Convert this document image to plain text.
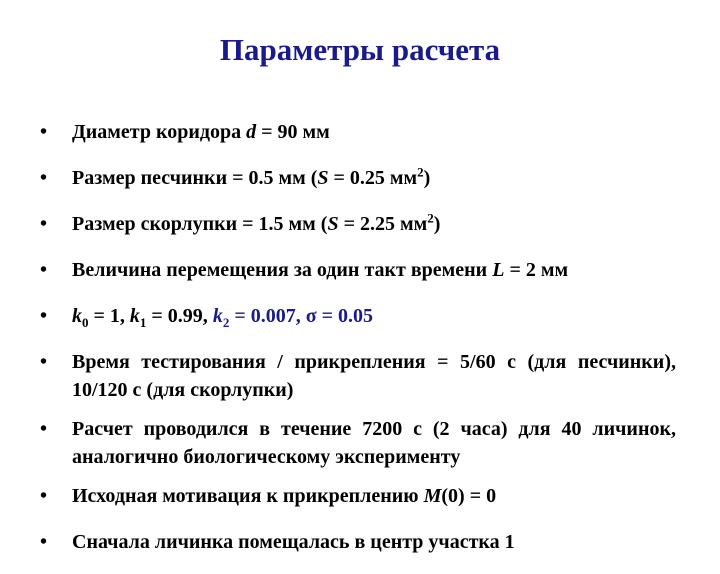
Параметры расчета
• Диаметр коридора d = 90 мм
• Размер песчинки = 0.5 мм (S = 0.25 $мм^2$)
• Размер скорлупки = 1.5 мм (S = 2.25 $мм^2$)
• Величина перемещения за один такт времени L = 2 мм
• $k_0 = 1$, $k_1 = 0.99$, $k_2 = 0.007$, σ = 0.05
• Время тестирования / прикрепления = 5/60 с (для песчинки), 10/120 с (для скорлупки)
• Расчет проводился в течение 7200 с (2 часа) для 40 личинок, аналогично биологическому эксперименту
• Исходная мотивация к прикреплению M(0) = 0
• Сначала личинка помещалась в центр участка 1
